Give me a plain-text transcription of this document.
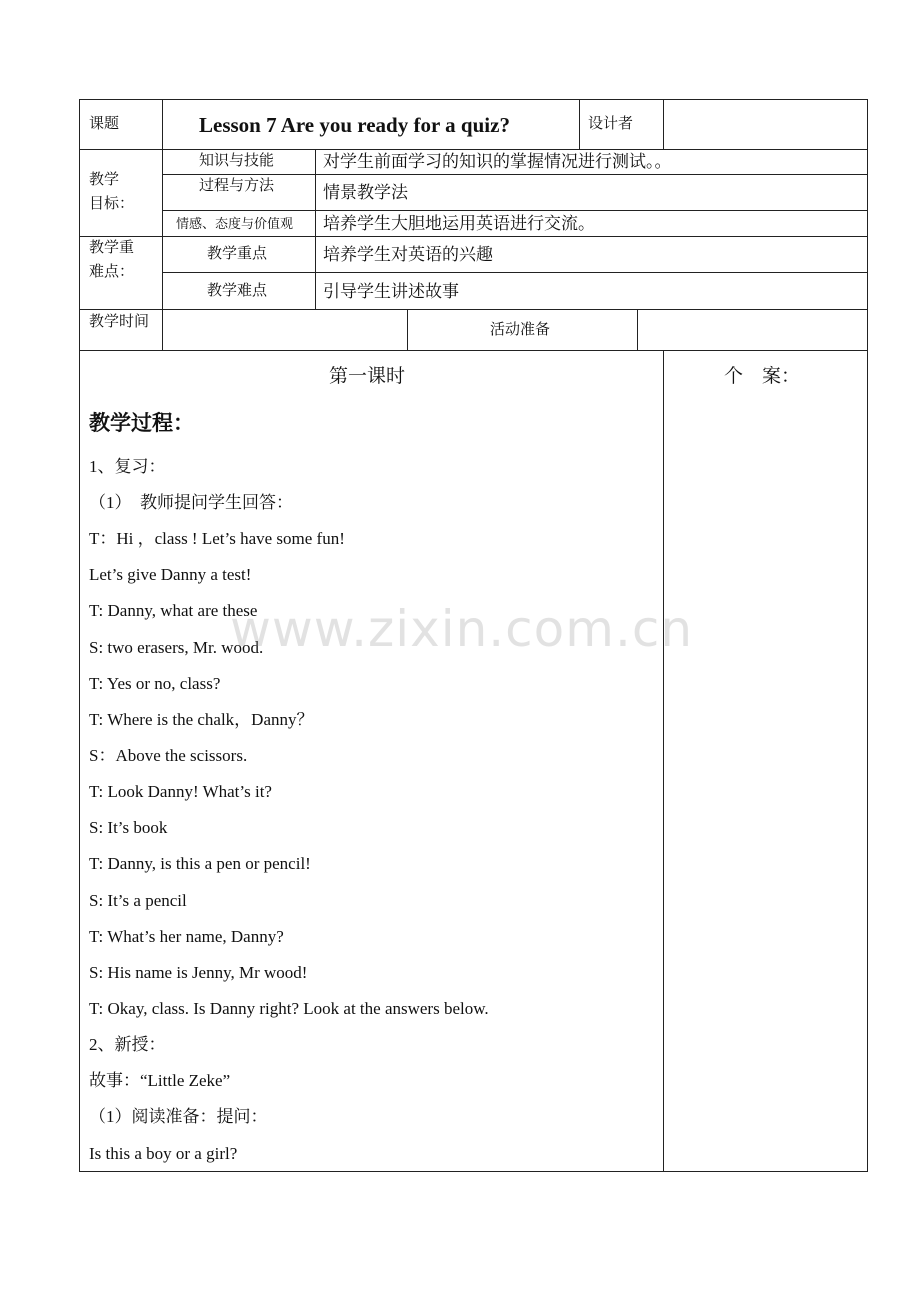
课题	Lesson 7 Are you ready for a quiz?	设计者
教学
目标：
知识与技能	对学生前面学习的知识的掌握情况进行测试。。
过程与方法	情景教学法
情感、态度与价值观 培养学生大胆地运用英语进行交流。
教学重
难点：
教学重点	培养学生对英语的兴趣
教学难点	引导学生讲述故事
教学时间	活动准备
第一课时	个　案：
教学过程：
1、复习：
（1）　教师提问学生回答：
T：Hi ，class ! Let’s have some fun!
Let’s give Danny a test!
T: Danny, what are these
S: two erasers, Mr. wood.
T: Yes or no, class?
T: Where is the chalk，Danny？
S：Above the scissors.
T: Look Danny! What’s it?
S: It’s book
T: Danny, is this a pen or pencil!
S: It’s a pencil
T: What’s her name, Danny?
S: His name is Jenny, Mr wood!
T: Okay, class. Is Danny right? Look at the answers below.
2、新授：
故事：“Little Zeke”
（1）阅读准备：提问：
Is this a boy or a girl?
www.zixin.com.cn
